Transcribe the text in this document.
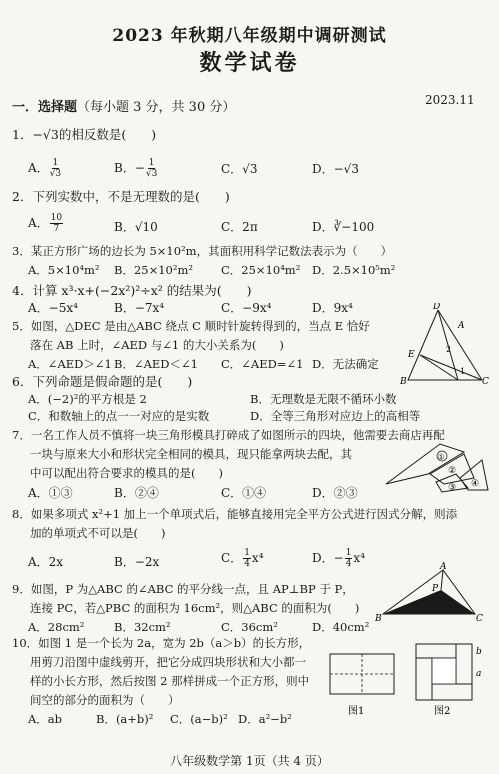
2023 年秋期八年级期中调研测试
数学试卷
2023.11
一．选择题（每小题 3 分，共 30 分）
1．−√3的相反数是(　　)
A． $\frac{1}{√3}$	B．− $\frac{1}{√3}$	C．√3	D．−√3
2．下列实数中，不是无理数的是(　　)
A． $\frac{10}{7}$	B．√10	C．2π	D．∛−100
3．某正方形广场的边长为 5×10²m，其面积用科学记数法表示为（　　）
A．5×10⁴m² B．25×10²m² C．25×10⁴m² D．2.5×10⁵m²
4．计算 x³·x+(−2x²)²÷x² 的结果为(　　)
A．−5x⁴	B．−7x⁴	C．−9x⁴	D．9x⁴
5．如图，△DEC 是由△ABC 绕点 C 顺时针旋转得到的，当点 E 恰好
落在 AB 上时，∠AED 与∠1 的大小关系为(　　)
A．∠AED＞∠1 B．∠AED＜∠1 C．∠AED=∠1 D．无法确定
D
A
E
2
1
B	C
6．下列命题是假命题的是(　　)
A．(−2)²的平方根是 2	B．无理数是无限不循环小数
C．和数轴上的点一一对应的是实数	D．全等三角形对应边上的高相等
7．一名工作人员不慎将一块三角形模具打碎成了如图所示的四块，他需要去商店再配
一块与原来大小和形状完全相同的模具，现只能拿两块去配，其
中可以配出符合要求的模具的是(　　)
A．①③	B．②④	C．①④	D．②③
①
②
③ ④
8．如果多项式 x²+1 加上一个单项式后，能够直接用完全平方公式进行因式分解，则添
加的单项式不可以是(　　)
A．2x	B．−2x	C． $\frac{1}{4} x^4$	D．− $\frac{1}{4} x^4$
9．如图，P 为△ABC 的∠ABC 的平分线一点，且 AP⊥BP 于 P，
连接 PC，若△PBC 的面积为 16cm²，则△ABC 的面积为(　　)
A．28cm²	B．32cm²	C．36cm²	D．40cm²
A
P
B	C
10．如图 1 是一个长为 2a，宽为 2b（a＞b）的长方形，
用剪刀沿图中虚线剪开，把它分成四块形状和大小都一
样的小长方形，然后按图 2 那样拼成一个正方形，则中
间空的部分的面积为（　　）
A．ab	B．(a+b)² C．(a−b)² D．a²−b²
图1
b
a
图2
八年级数学第 1页（共 4 页）
